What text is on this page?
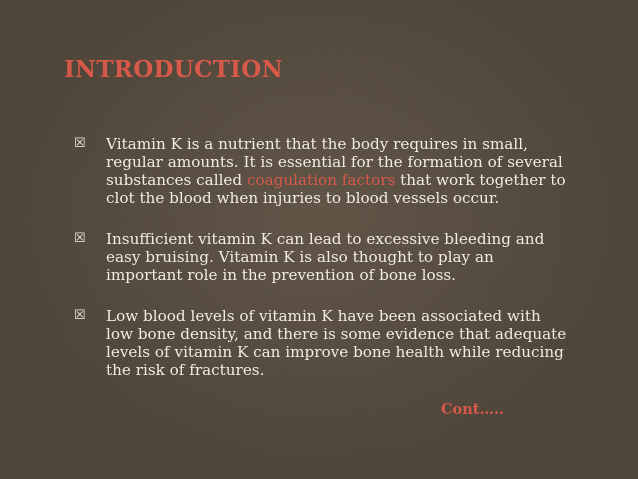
INTRODUCTION
☒	Vitamin K is a nutrient that the body requires in small, regular amounts. It is essential for the formation of several substances called coagulation factors that work together to clot the blood when injuries to blood vessels occur.
☒	Insufficient vitamin K can lead to excessive bleeding and easy bruising. Vitamin K is also thought to play an important role in the prevention of bone loss.
☒	Low blood levels of vitamin K have been associated with low bone density, and there is some evidence that adequate levels of vitamin K can improve bone health while reducing the risk of fractures.
Cont…..
